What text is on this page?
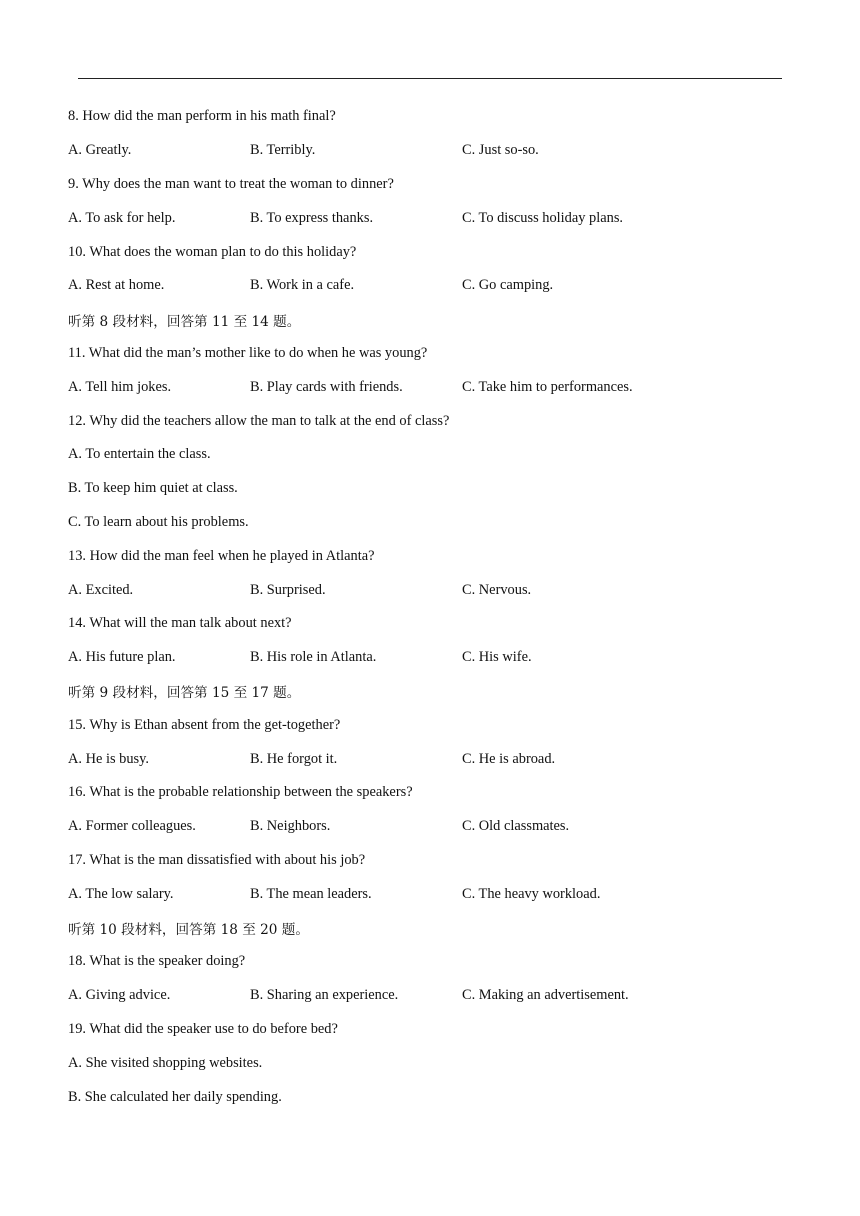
8. How did the man perform in his math final?
A. Greatly.	B. Terribly.	C. Just so-so.
9. Why does the man want to treat the woman to dinner?
A. To ask for help.	B. To express thanks.	C. To discuss holiday plans.
10. What does the woman plan to do this holiday?
A. Rest at home.	B. Work in a cafe.	C. Go camping.
听第 8 段材料，回答第 11 至 14 题。
11. What did the man’s mother like to do when he was young?
A. Tell him jokes.	B. Play cards with friends.	C. Take him to performances.
12. Why did the teachers allow the man to talk at the end of class?
A. To entertain the class.
B. To keep him quiet at class.
C. To learn about his problems.
13. How did the man feel when he played in Atlanta?
A. Excited.	B. Surprised.	C. Nervous.
14. What will the man talk about next?
A. His future plan.	B. His role in Atlanta.	C. His wife.
听第 9 段材料，回答第 15 至 17 题。
15. Why is Ethan absent from the get-together?
A. He is busy.	B. He forgot it.	C. He is abroad.
16. What is the probable relationship between the speakers?
A. Former colleagues.	B. Neighbors.	C. Old classmates.
17. What is the man dissatisfied with about his job?
A. The low salary.	B. The mean leaders.	C. The heavy workload.
听第 10 段材料，回答第 18 至 20 题。
18. What is the speaker doing?
A. Giving advice.	B. Sharing an experience.	C. Making an advertisement.
19. What did the speaker use to do before bed?
A. She visited shopping websites.
B. She calculated her daily spending.
